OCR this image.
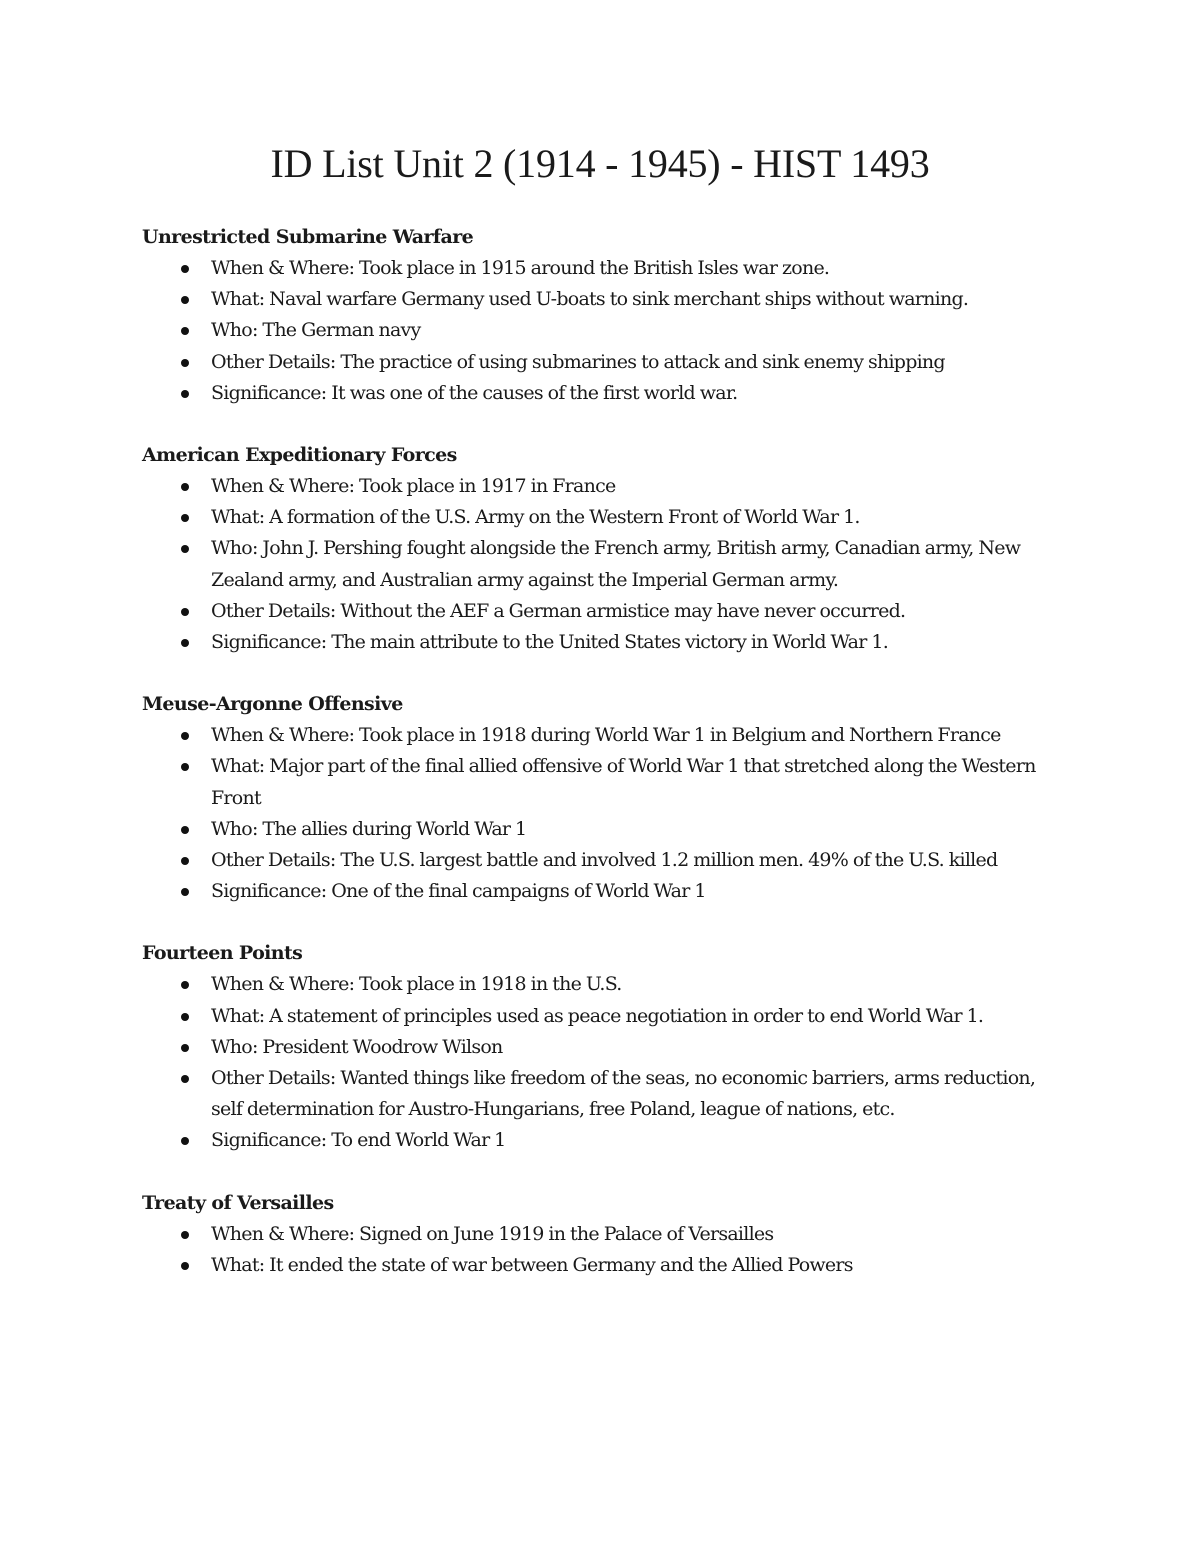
ID List Unit 2 (1914 - 1945) - HIST 1493

Unrestricted Submarine Warfare

When & Where: Took place in 1915 around the British Isles war zone.
What: Naval warfare Germany used U-boats to sink merchant ships without warning.
Who: The German navy
Other Details: The practice of using submarines to attack and sink enemy shipping
Significance: It was one of the causes of the first world war.

American Expeditionary Forces

When & Where: Took place in 1917 in France
What: A formation of the U.S. Army on the Western Front of World War 1.
Who: John J. Pershing fought alongside the French army, British army, Canadian army, New Zealand army, and Australian army against the Imperial German army.
Other Details: Without the AEF a German armistice may have never occurred.
Significance: The main attribute to the United States victory in World War 1.

Meuse-Argonne Offensive

When & Where: Took place in 1918 during World War 1 in Belgium and Northern France
What: Major part of the final allied offensive of World War 1 that stretched along the Western Front
Who: The allies during World War 1
Other Details: The U.S. largest battle and involved 1.2 million men. 49% of the U.S. killed
Significance: One of the final campaigns of World War 1

Fourteen Points

When & Where: Took place in 1918 in the U.S.
What: A statement of principles used as peace negotiation in order to end World War 1.
Who: President Woodrow Wilson
Other Details: Wanted things like freedom of the seas, no economic barriers, arms reduction, self determination for Austro-Hungarians, free Poland, league of nations, etc.
Significance: To end World War 1

Treaty of Versailles

When & Where: Signed on June 1919 in the Palace of Versailles
What: It ended the state of war between Germany and the Allied Powers
